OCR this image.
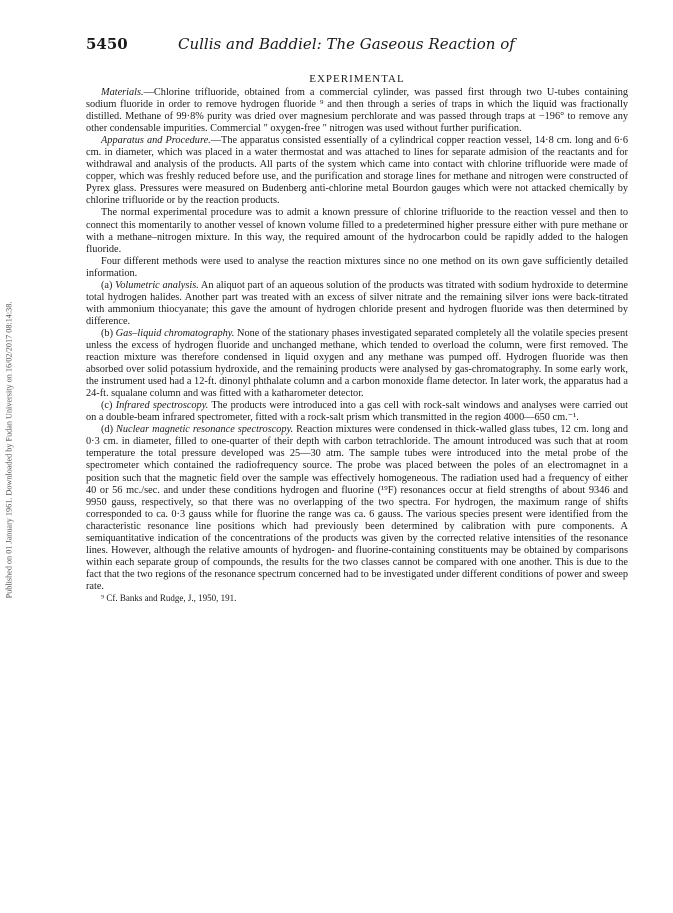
Published on 01 January 1961. Downloaded by Fudan University on 16/02/2017 08:14:38.
5450	Cullis and Baddiel: The Gaseous Reaction of
EXPERIMENTAL

Materials.—Chlorine trifluoride, obtained from a commercial cylinder, was passed first through two U-tubes containing sodium fluoride in order to remove hydrogen fluoride ⁹ and then through a series of traps in which the liquid was fractionally distilled. Methane of 99·8% purity was dried over magnesium perchlorate and was passed through traps at −196° to remove any other condensable impurities. Commercial " oxygen-free " nitrogen was used without further purification.

Apparatus and Procedure.—The apparatus consisted essentially of a cylindrical copper reaction vessel, 14·8 cm. long and 6·6 cm. in diameter, which was placed in a water thermostat and was attached to lines for separate admision of the reactants and for withdrawal and analysis of the products. All parts of the system which came into contact with chlorine trifluoride were made of copper, which was freshly reduced before use, and the purification and storage lines for methane and nitrogen were constructed of Pyrex glass. Pressures were measured on Budenberg anti-chlorine metal Bourdon gauges which were not attacked chemically by chlorine trifluoride or by the reaction products.

The normal experimental procedure was to admit a known pressure of chlorine trifluoride to the reaction vessel and then to connect this momentarily to another vessel of known volume filled to a predetermined higher pressure either with pure methane or with a methane–nitrogen mixture. In this way, the required amount of the hydrocarbon could be rapidly added to the halogen fluoride.

Four different methods were used to analyse the reaction mixtures since no one method on its own gave sufficiently detailed information.

(a) Volumetric analysis. An aliquot part of an aqueous solution of the products was titrated with sodium hydroxide to determine total hydrogen halides. Another part was treated with an excess of silver nitrate and the remaining silver ions were back-titrated with ammonium thiocyanate; this gave the amount of hydrogen chloride present and hydrogen fluoride was then determined by difference.

(b) Gas–liquid chromatography. None of the stationary phases investigated separated completely all the volatile species present unless the excess of hydrogen fluoride and unchanged methane, which tended to overload the column, were first removed. The reaction mixture was therefore condensed in liquid oxygen and any methane was pumped off. Hydrogen fluoride was then absorbed over solid potassium hydroxide, and the remaining products were analysed by gas-chromatography. In some early work, the instrument used had a 12-ft. dinonyl phthalate column and a carbon monoxide flame detector. In later work, the apparatus had a 24-ft. squalane column and was fitted with a katharometer detector.

(c) Infrared spectroscopy. The products were introduced into a gas cell with rock-salt windows and analyses were carried out on a double-beam infrared spectrometer, fitted with a rock-salt prism which transmitted in the region 4000—650 cm.⁻¹.

(d) Nuclear magnetic resonance spectroscopy. Reaction mixtures were condensed in thick-walled glass tubes, 12 cm. long and 0·3 cm. in diameter, filled to one-quarter of their depth with carbon tetrachloride. The amount introduced was such that at room temperature the total pressure developed was 25—30 atm. The sample tubes were introduced into the metal probe of the spectrometer which contained the radiofrequency source. The probe was placed between the poles of an electromagnet in a position such that the magnetic field over the sample was effectively homogeneous. The radiation used had a frequency of either 40 or 56 mc./sec. and under these conditions hydrogen and fluorine (¹⁹F) resonances occur at field strengths of about 9346 and 9950 gauss, respectively, so that there was no overlapping of the two spectra. For hydrogen, the maximum range of shifts corresponded to ca. 0·3 gauss while for fluorine the range was ca. 6 gauss. The various species present were identified from the characteristic resonance line positions which had previously been determined by calibration with pure components. A semiquantitative indication of the concentrations of the products was given by the corrected relative intensities of the resonance lines. However, although the relative amounts of hydrogen- and fluorine-containing constituents may be obtained by comparisons within each separate group of compounds, the results for the two classes cannot be compared with one another. This is due to the fact that the two regions of the resonance spectrum concerned had to be investigated under different conditions of power and sweep rate.

⁹ Cf. Banks and Rudge, J., 1950, 191.
